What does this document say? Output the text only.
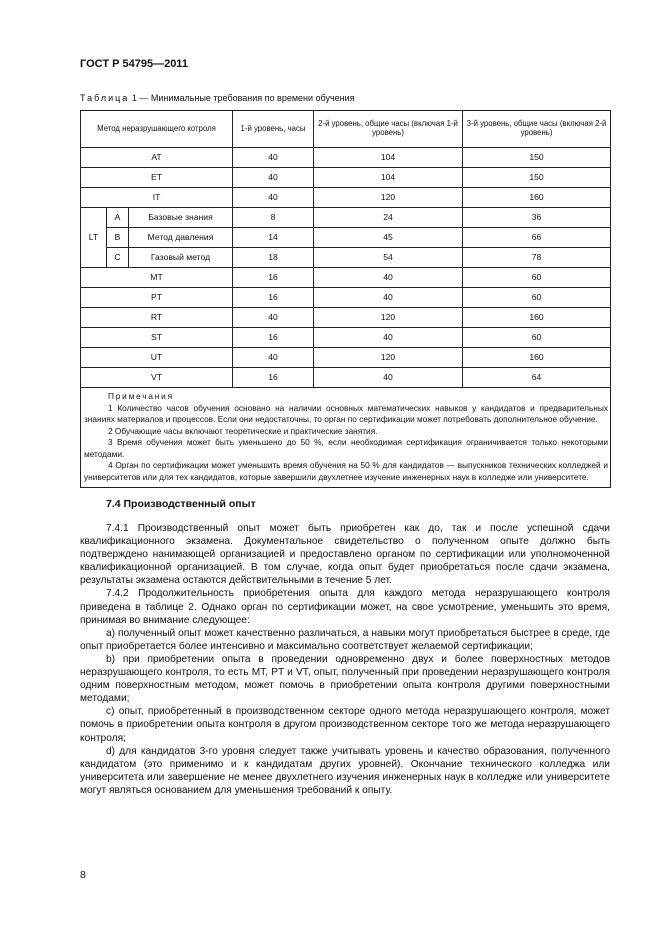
ГОСТ Р 54795—2011
Таблица 1 — Минимальные требования по времени обучения
Метод неразрушающего котроля			1-й уровень, часы	2-й уровень, общие часы (включая 1-й уровень)	3-й уровень, общие часы (включая 2-й уровень)
AT			40	104	150
ET			40	104	150
IT			40	120	160
LT	A	Базовые знания	8	24	36
	B	Метод давления	14	45	66
	C	Газовый метод	18	54	78
MT			16	40	60
PT			16	40	60
RT			40	120	160
ST			16	40	60
UT			40	120	160
VT			16	40	64

Примечания

1 Количество часов обучения основано на наличии основных математических навыков у кандидатов и предварительных знаниях материалов и процессов. Если они недостаточны, то орган по сертификации может потребовать дополнительное обучение.

2 Обучающие часы включают теоретические и практические занятия.

3 Время обучения может быть уменьшено до 50 %, если необходимая сертификация ограничивается только некоторыми методами.

4 Орган по сертификации может уменьшить время обучения на 50 % для кандидатов — выпускников технических колледжей и университетов или для тех кандидатов, которые завершили двухлетнее изучение инженерных наук в колледже или университете.					

7.4 Производственный опыт

7.4.1 Производственный опыт может быть приобретен как до, так и после успешной сдачи квалификационного экзамена. Документальное свидетельство о полученном опыте должно быть подтверждено нанимающей организацией и предоставлено органом по сертификации или уполномоченной квалификационной организацией. В том случае, когда опыт будет приобретаться после сдачи экзамена, результаты экзамена остаются действительными в течение 5 лет.

7.4.2 Продолжительность приобретения опыта для каждого метода неразрушающего контроля приведена в таблице 2. Однако орган по сертификации может, на свое усмотрение, уменьшить это время, принимая во внимание следующее:

a) полученный опыт может качественно различаться, а навыки могут приобретаться быстрее в среде, где опыт приобретается более интенсивно и максимально соответствует желаемой сертификации;

b) при приобретении опыта в проведении одновременно двух и более поверхностных методов неразрушающего контроля, то есть MT, PT и VT, опыт, полученный при проведении неразрушающего контроля одним поверхностным методом, может помочь в приобретении опыта контроля другими поверхностными методами;

c) опыт, приобретенный в производственном секторе одного метода неразрушающего контроля, может помочь в приобретении опыта контроля в другом производственном секторе того же метода неразрушающего контроля;

d) для кандидатов 3-го уровня следует также учитывать уровень и качество образования, полученного кандидатом (это применимо и к кандидатам других уровней). Окончание технического колледжа или университета или завершение не менее двухлетнего изучения инженерных наук в колледже или университете могут являться основанием для уменьшения требований к опыту.

8
